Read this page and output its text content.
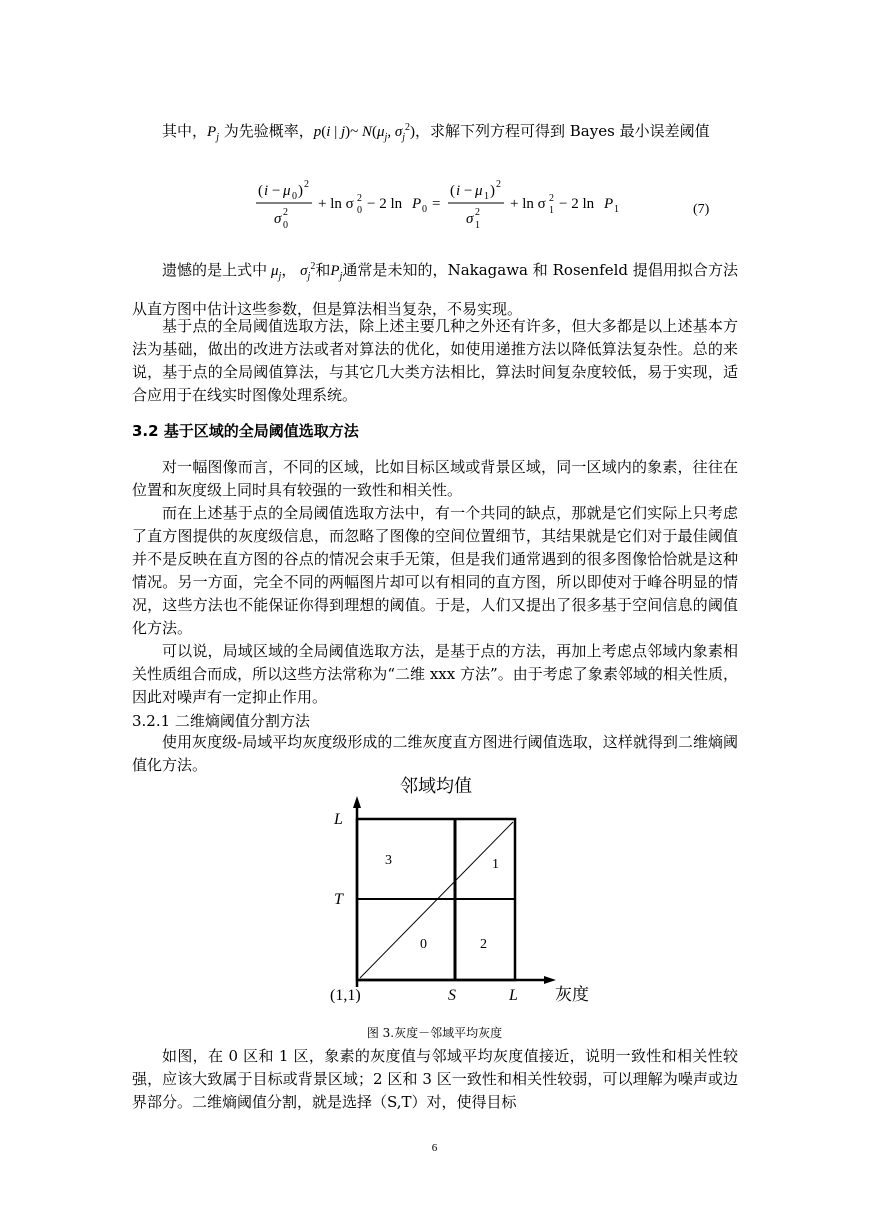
其中，$P_j$ 为先验概率，p(i | j)~ $N(\mu_j$, $\sigma_j^2$)，求解下列方程可得到 Bayes 最小误差阈值

( i − μ 0 ) 2
σ 2
0
+ ln σ 2
0 − 2 ln P 0 =
( i − μ 1 ) 2
σ 2
1
+ ln σ 2
1 − 2 ln P 1	(7)

遗憾的是上式中 $\mu_j$， $\sigma_j^2$和$P_j$通常是未知的，Nakagawa 和 Rosenfeld 提倡用拟合方法从直方图中估计这些参数，但是算法相当复杂，不易实现。

基于点的全局阈值选取方法，除上述主要几种之外还有许多，但大多都是以上述基本方法为基础，做出的改进方法或者对算法的优化，如使用递推方法以降低算法复杂性。总的来说，基于点的全局阈值算法，与其它几大类方法相比，算法时间复杂度较低，易于实现，适合应用于在线实时图像处理系统。

3.2 基于区域的全局阈值选取方法

对一幅图像而言，不同的区域，比如目标区域或背景区域，同一区域内的象素，往往在位置和灰度级上同时具有较强的一致性和相关性。

而在上述基于点的全局阈值选取方法中，有一个共同的缺点，那就是它们实际上只考虑了直方图提供的灰度级信息，而忽略了图像的空间位置细节，其结果就是它们对于最佳阈值并不是反映在直方图的谷点的情况会束手无策，但是我们通常遇到的很多图像恰恰就是这种情况。另一方面，完全不同的两幅图片却可以有相同的直方图，所以即使对于峰谷明显的情况，这些方法也不能保证你得到理想的阈值。于是，人们又提出了很多基于空间信息的阈值化方法。

可以说，局域区域的全局阈值选取方法，是基于点的方法，再加上考虑点邻域内象素相关性质组合而成，所以这些方法常称为“二维 xxx 方法”。由于考虑了象素邻域的相关性质，因此对噪声有一定抑止作用。

3.2.1 二维熵阈值分割方法

使用灰度级-局域平均灰度级形成的二维灰度直方图进行阈值选取，这样就得到二维熵阈值化方法。

邻域均值
3	1
0	2
L
T
(1,1)	S	L 灰度
图 3.灰度－邻域平均灰度

如图，在 0 区和 1 区，象素的灰度值与邻域平均灰度值接近，说明一致性和相关性较强，应该大致属于目标或背景区域；2 区和 3 区一致性和相关性较弱，可以理解为噪声或边界部分。二维熵阈值分割，就是选择（S,T）对，使得目标

6
